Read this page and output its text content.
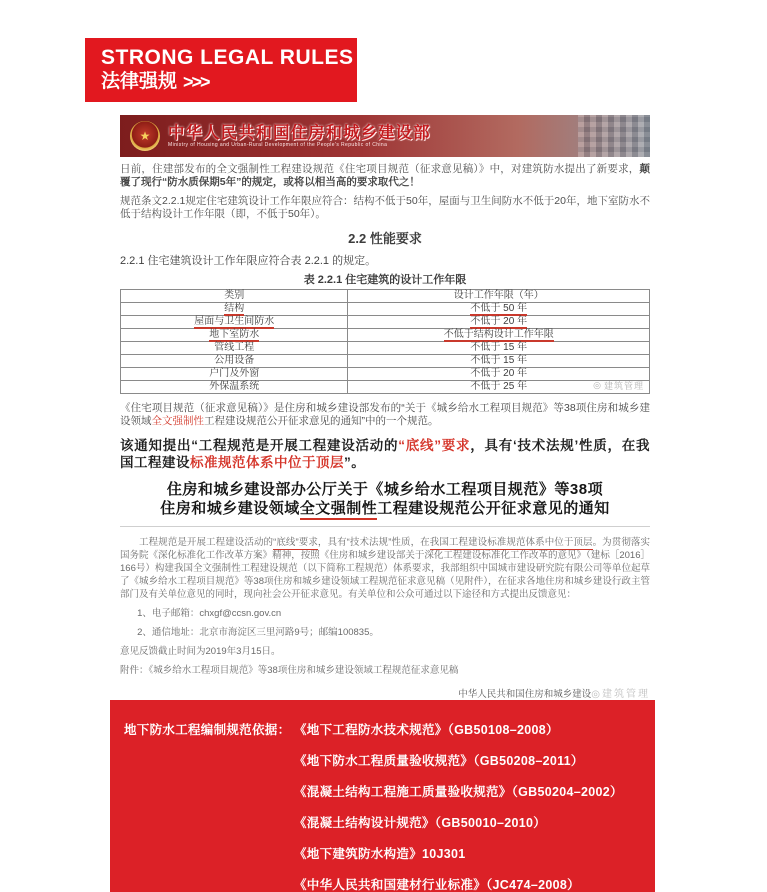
STRONG LEGAL RULES
法律强规 >>>
★ 中华人民共和国住房和城乡建设部
Ministry of Housing and Urban-Rural Development of the People's Republic of China

日前，住建部发布的全文强制性工程建设规范《住宅项目规范（征求意见稿）》中，对建筑防水提出了新要求，颠覆了现行“防水质保期5年”的规定，或将以相当高的要求取代之！

规范条文2.2.1规定住宅建筑设计工作年限应符合：结构不低于50年，屋面与卫生间防水不低于20年，地下室防水不低于结构设计工作年限（即，不低于50年）。

2.2 性能要求
2.2.1 住宅建筑设计工作年限应符合表 2.2.1 的规定。
表 2.2.1 住宅建筑的设计工作年限
类别	设计工作年限（年）
结构	不低于 50 年
屋面与卫生间防水	不低于 20 年
地下室防水	不低于结构设计工作年限
管线工程	不低于 15 年
公用设备	不低于 15 年
户门及外窗	不低于 20 年
外保温系统	不低于 25 年	◎ 建筑管理

《住宅项目规范（征求意见稿）》是住房和城乡建设部发布的“关于《城乡给水工程项目规范》等38项住房和城乡建设领域全文强制性工程建设规范公开征求意见的通知”中的一个规范。

该通知提出“工程规范是开展工程建设活动的“底线”要求，具有‘技术法规’性质，在我国工程建设标准规范体系中位于顶层”。

住房和城乡建设部办公厅关于《城乡给水工程项目规范》等38项
住房和城乡建设领域全文强制性工程建设规范公开征求意见的通知

工程规范是开展工程建设活动的“底线”要求，具有“技术法规”性质，在我国工程建设标准规范体系中位于顶层。为贯彻落实国务院《深化标准化工作改革方案》精神，按照《住房和城乡建设部关于深化工程建设标准化工作改革的意见》（建标［2016］166号）构建我国全文强制性工程建设规范（以下简称工程规范）体系要求，我部组织中国城市建设研究院有限公司等单位起草了《城乡给水工程项目规范》等38项住房和城乡建设领域工程规范征求意见稿（见附件），在征求各地住房和城乡建设行政主管部门及有关单位意见的同时，现向社会公开征求意见。有关单位和公众可通过以下途径和方式提出反馈意见：

1、电子邮箱：chxgf@ccsn.gov.cn
2、通信地址：北京市海淀区三里河路9号；邮编100835。
意见反馈截止时间为2019年3月15日。
附件：《城乡给水工程项目规范》等38项住房和城乡建设领域工程规范征求意见稿
中华人民共和国住房和城乡建设◎建筑管理
地下防水工程编制规范依据： 《地下工程防水技术规范》（GB50108–2008）
《地下防水工程质量验收规范》（GB50208–2011）
《混凝土结构工程施工质量验收规范》（GB50204–2002）
《混凝土结构设计规范》（GB50010–2010）
《地下建筑防水构造》10J301
《中华人民共和国建材行业标准》（JC474–2008）
